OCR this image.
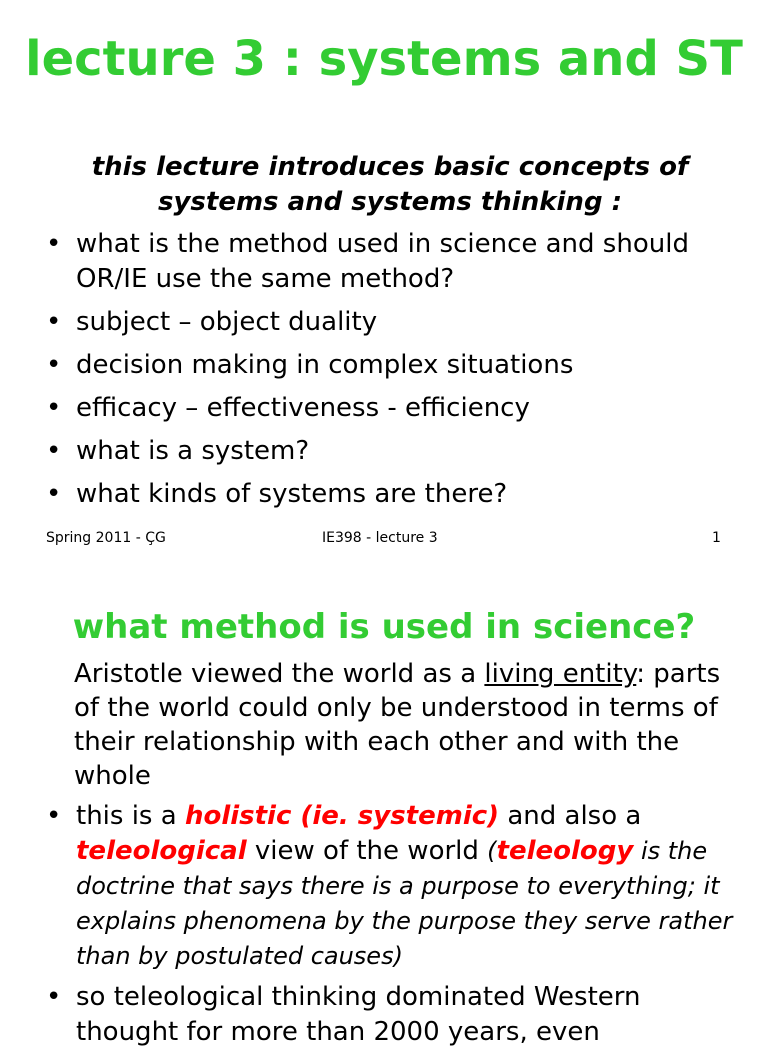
lecture 3 : systems and ST
this lecture introduces basic concepts of systems and systems thinking :
• what is the method used in science and should OR/IE use the same method?
• subject – object duality
• decision making in complex situations
• efficacy – effectiveness - efficiency
• what is a system?
• what kinds of systems are there?
Spring 2011 - ÇG	IE398 - lecture 3	1
what method is used in science?
Aristotle viewed the world as a living entity: parts of the world could only be understood in terms of their relationship with each other and with the whole
• this is a holistic (ie. systemic) and also a teleological view of the world (teleology is the doctrine that says there is a purpose to everything; it explains phenomena by the purpose they serve rather than by postulated causes)
• so teleological thinking dominated Western thought for more than 2000 years, even
